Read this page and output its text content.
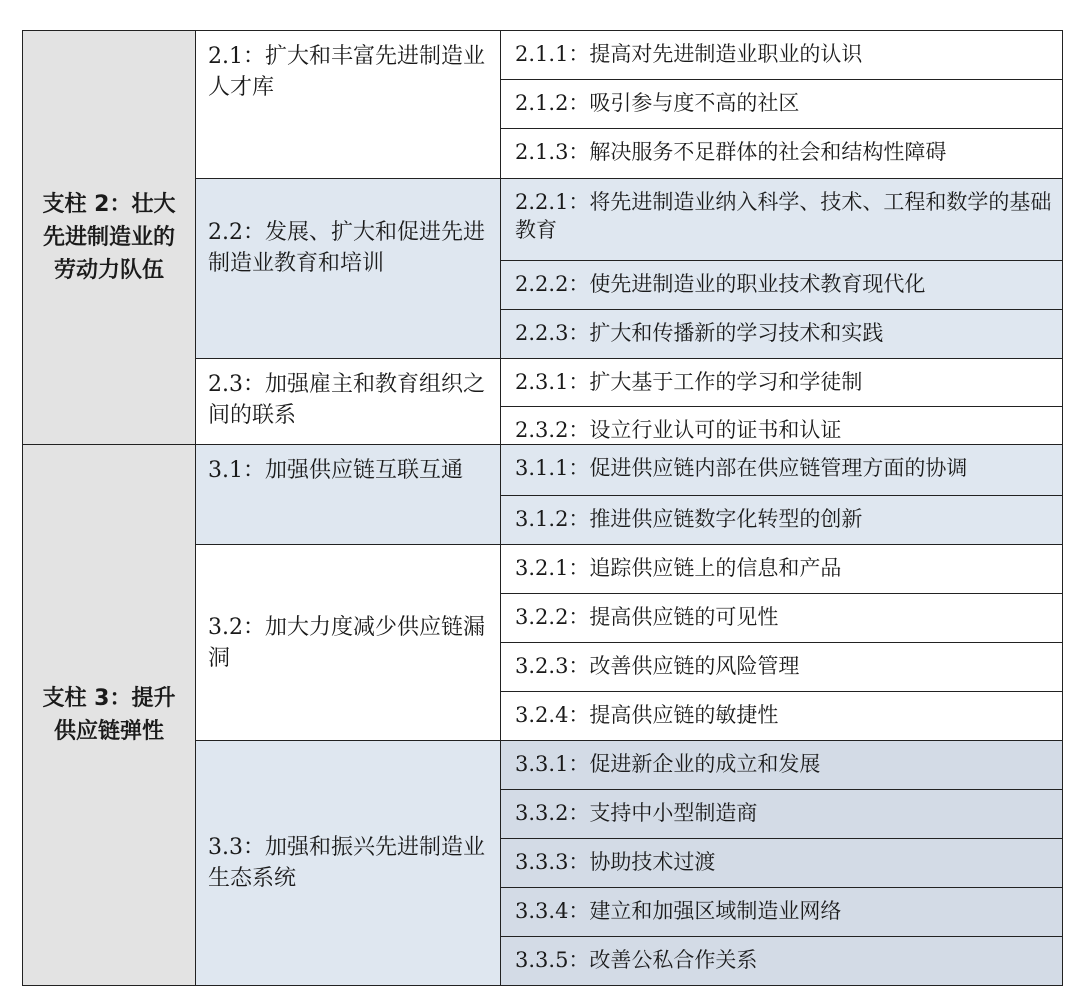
支柱 2：壮大先进制造业的劳动力队伍	2.1：扩大和丰富先进制造业人才库	2.1.1：提高对先进制造业职业的认识
		2.1.2：吸引参与度不高的社区
		2.1.3：解决服务不足群体的社会和结构性障碍
	2.2：发展、扩大和促进先进制造业教育和培训	2.2.1：将先进制造业纳入科学、技术、工程和数学的基础教育
		2.2.2：使先进制造业的职业技术教育现代化
		2.2.3：扩大和传播新的学习技术和实践
	2.3：加强雇主和教育组织之间的联系	2.3.1：扩大基于工作的学习和学徒制
		2.3.2：设立行业认可的证书和认证
支柱 3：提升供应链弹性	3.1：加强供应链互联互通	3.1.1：促进供应链内部在供应链管理方面的协调
		3.1.2：推进供应链数字化转型的创新
	3.2：加大力度减少供应链漏洞	3.2.1：追踪供应链上的信息和产品
		3.2.2：提高供应链的可见性
		3.2.3：改善供应链的风险管理
		3.2.4：提高供应链的敏捷性
	3.3：加强和振兴先进制造业生态系统	3.3.1：促进新企业的成立和发展
		3.3.2：支持中小型制造商
		3.3.3：协助技术过渡
		3.3.4：建立和加强区域制造业网络
		3.3.5：改善公私合作关系
